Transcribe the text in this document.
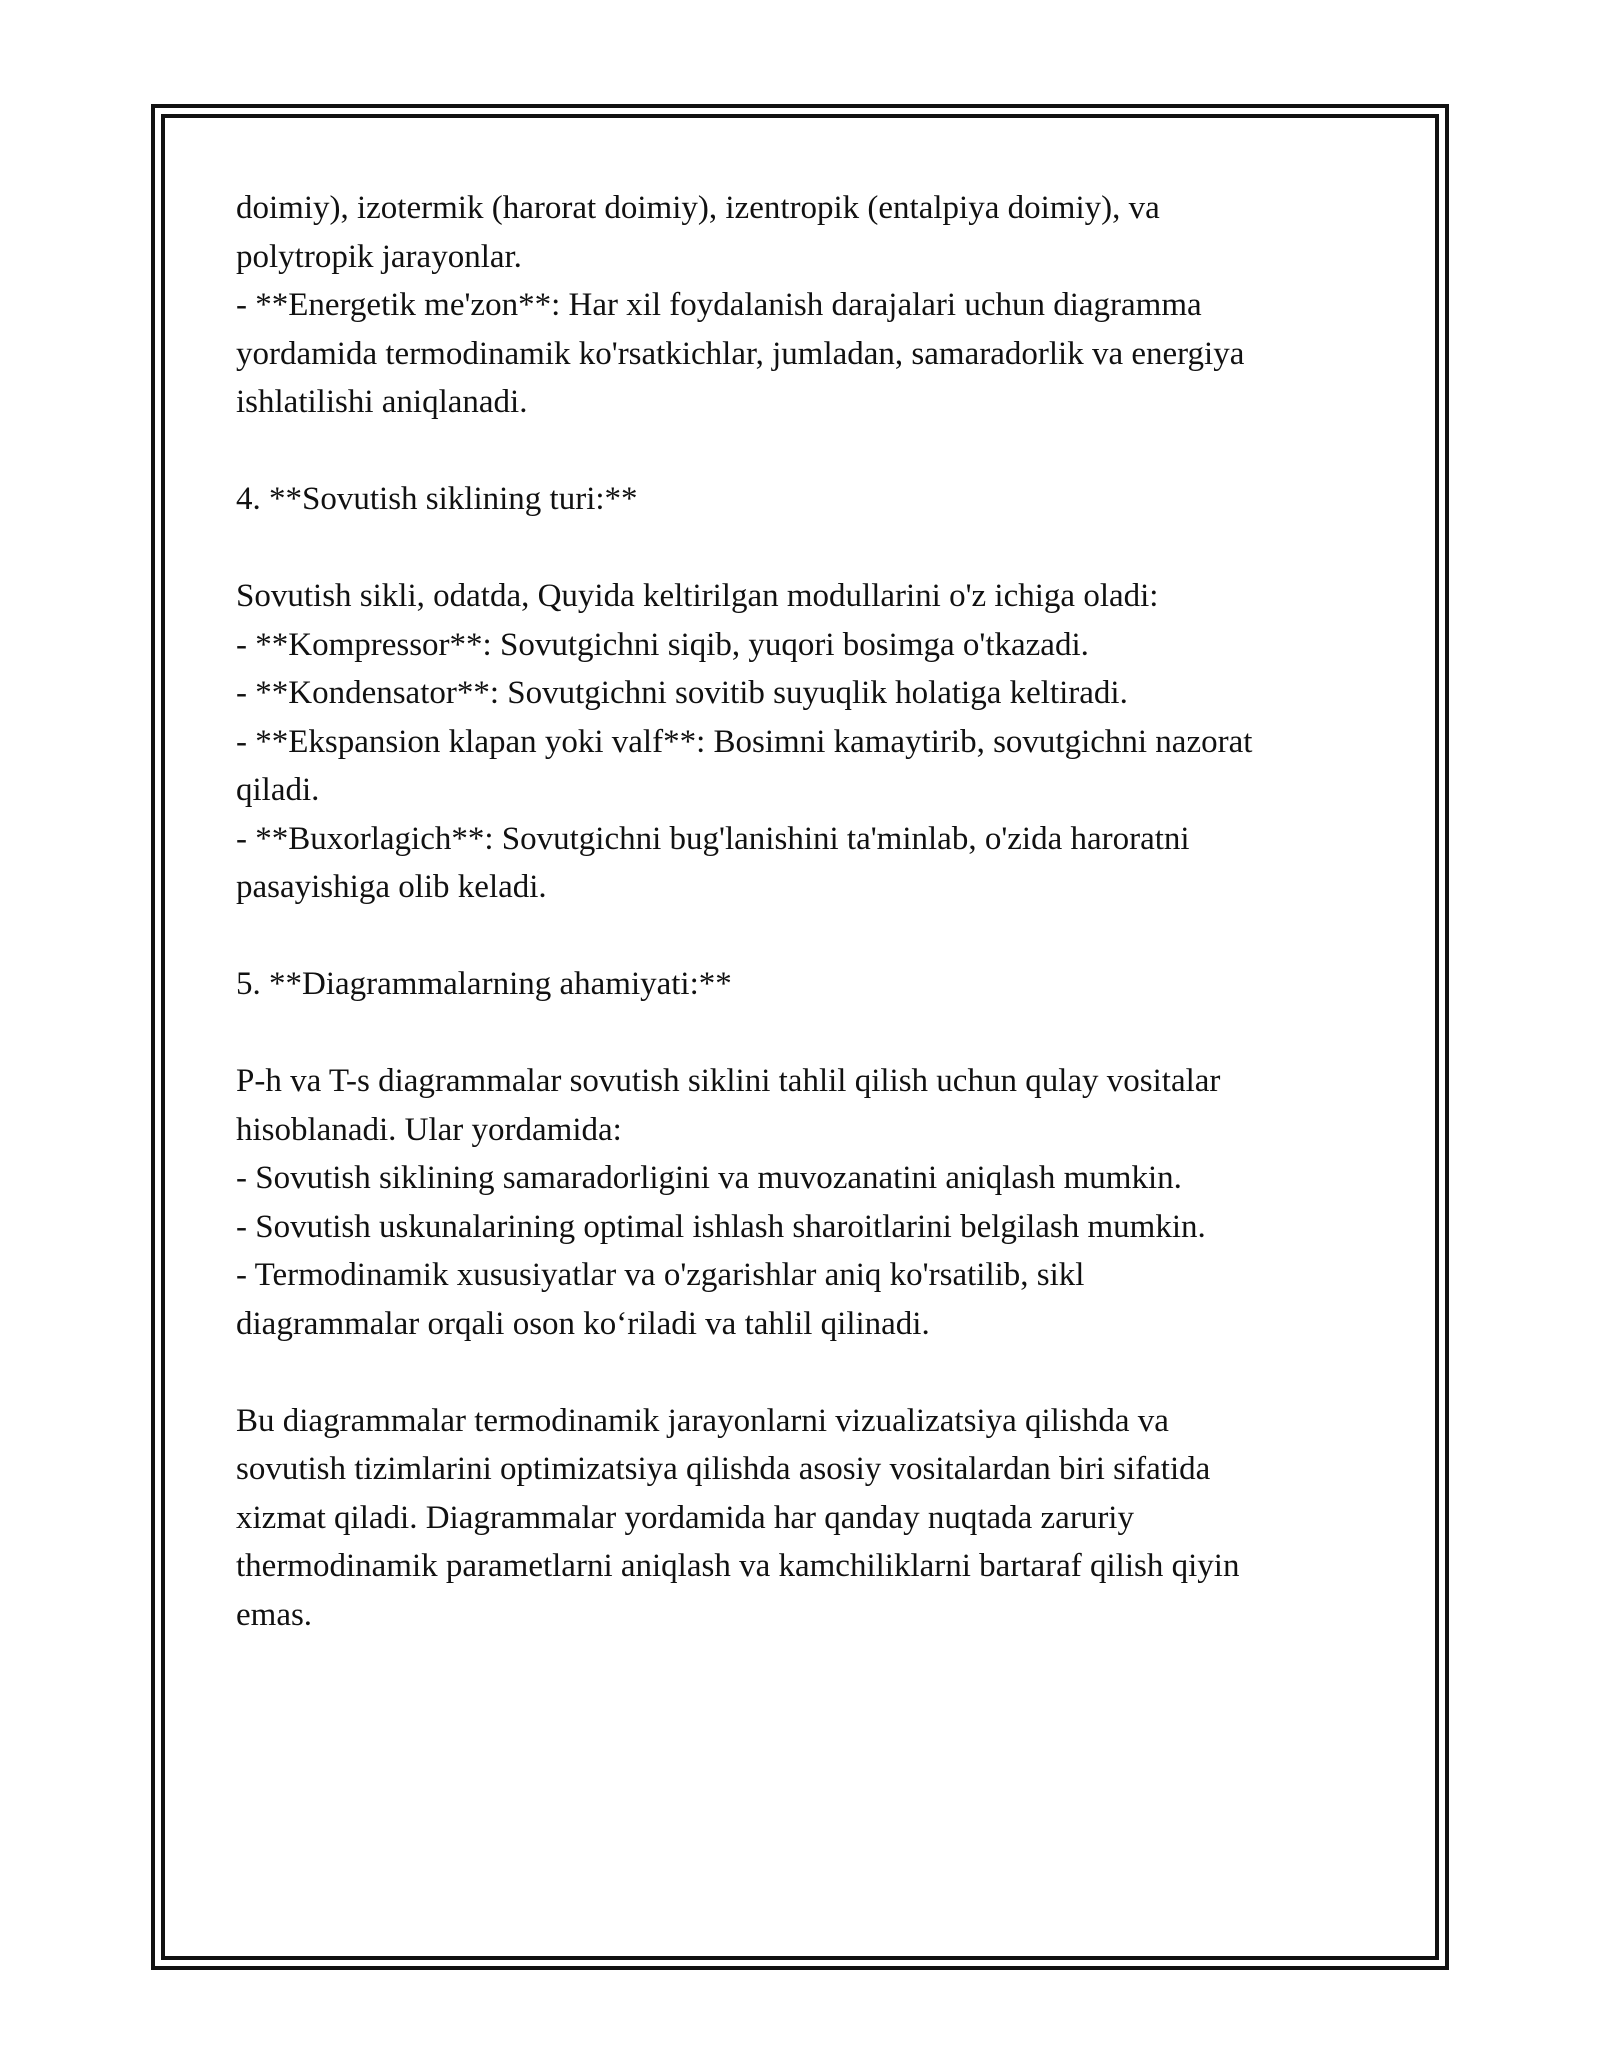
doimiy), izotermik (harorat doimiy), izentropik (entalpiya doimiy), va
polytropik jarayonlar.
- **Energetik me'zon**: Har xil foydalanish darajalari uchun diagramma
yordamida termodinamik ko'rsatkichlar, jumladan, samaradorlik va energiya
ishlatilishi aniqlanadi.
4. **Sovutish siklining turi:**
Sovutish sikli, odatda, Quyida keltirilgan modullarini o'z ichiga oladi:
- **Kompressor**: Sovutgichni siqib, yuqori bosimga o'tkazadi.
- **Kondensator**: Sovutgichni sovitib suyuqlik holatiga keltiradi.
- **Ekspansion klapan yoki valf**: Bosimni kamaytirib, sovutgichni nazorat
qiladi.
- **Buxorlagich**: Sovutgichni bug'lanishini ta'minlab, o'zida haroratni
pasayishiga olib keladi.
5. **Diagrammalarning ahamiyati:**
P-h va T-s diagrammalar sovutish siklini tahlil qilish uchun qulay vositalar
hisoblanadi. Ular yordamida:
- Sovutish siklining samaradorligini va muvozanatini aniqlash mumkin.
- Sovutish uskunalarining optimal ishlash sharoitlarini belgilash mumkin.
- Termodinamik xususiyatlar va o'zgarishlar aniq ko'rsatilib, sikl
diagrammalar orqali oson ko‘riladi va tahlil qilinadi.
Bu diagrammalar termodinamik jarayonlarni vizualizatsiya qilishda va
sovutish tizimlarini optimizatsiya qilishda asosiy vositalardan biri sifatida
xizmat qiladi. Diagrammalar yordamida har qanday nuqtada zaruriy
thermodinamik parametlarni aniqlash va kamchiliklarni bartaraf qilish qiyin
emas.
